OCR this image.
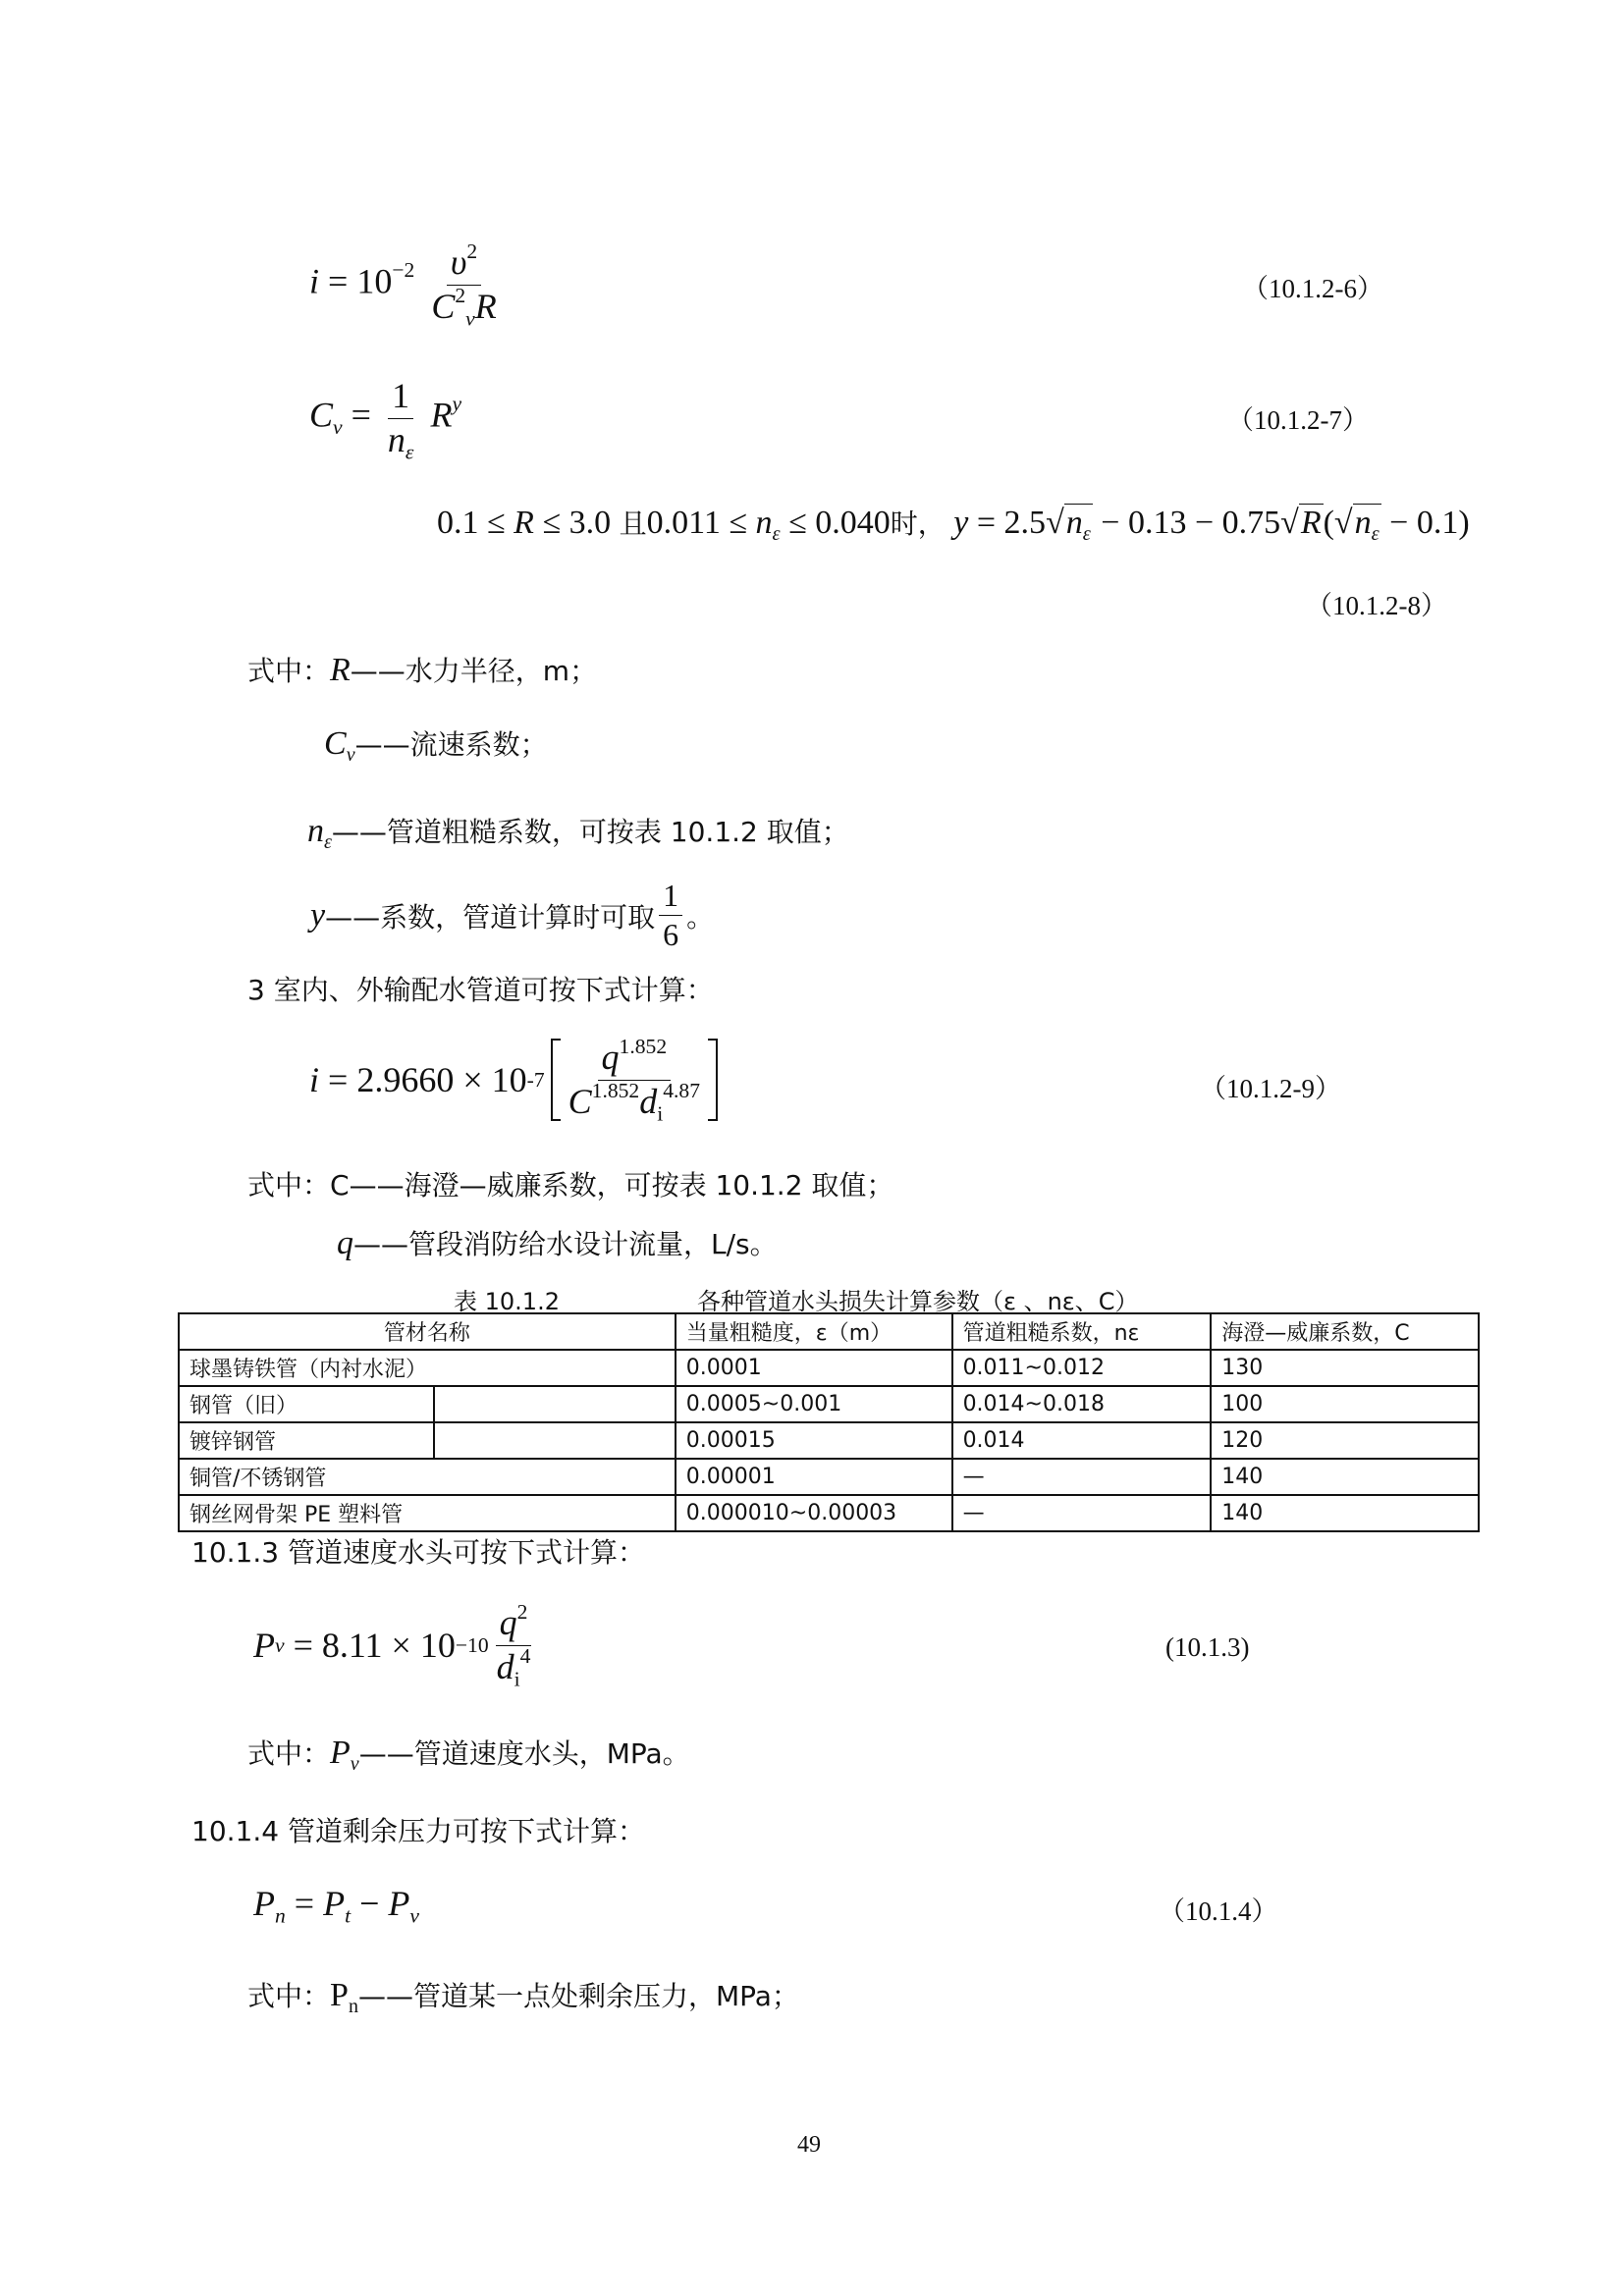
$i = 10^{-2} \frac{\upsilon^2}{C^2_vR}$	（10.1.2-6）
$C_v = \frac{1}{n_\varepsilon} R^y$
（10.1.2-7）
0.1 ≤ R ≤ 3.0 且$0.011 \le n_\varepsilon \le 0.040$时， $y = 2.5√n_\varepsilon - 0.13 - 0.75√R(√n_\varepsilon - 0.1)$
（10.1.2-8）
式中：R——水力半径，m；
$C_v——$流速系数；
$n_\varepsilon——$管道粗糙系数，可按表 10.1.2 取值；
y ——系数，管道计算时可取 $\frac{1}{6}$ 。
3 室内、外输配水管道可按下式计算：
i
= 2.9660 × 10 $-7 \frac{q^{1.852}}{C^{1.852}d_i^{4.87}}$	（10.1.2-9）
式中：C——海澄—威廉系数，可按表 10.1.2 取值；
q——管段消防给水设计流量，L/s。
表 10.1.2	各种管道水头损失计算参数（ε 、nε、C）
管材名称		当量粗糙度，ε（m）	管道粗糙系数，nε	海澄—威廉系数，C
球墨铸铁管（内衬水泥）		0.0001	0.011~0.012	130
钢管（旧）		0.0005~0.001	0.014~0.018	100
镀锌钢管		0.00015	0.014	120
铜管/不锈钢管		0.00001	—	140
钢丝网骨架 PE 塑料管		0.000010~0.00003	—	140
10.1.3 管道速度水头可按下式计算：
P v
= $8.11 \times 10 -10 \frac{q^2}{d_i^4}$	(10.1.3)
式中：$P_v——$管道速度水头，MPa。
10.1.4 管道剩余压力可按下式计算：
$P_n = P_t - P_v$	（10.1.4）
式中：$P_n——$管道某一点处剩余压力，MPa；
49
